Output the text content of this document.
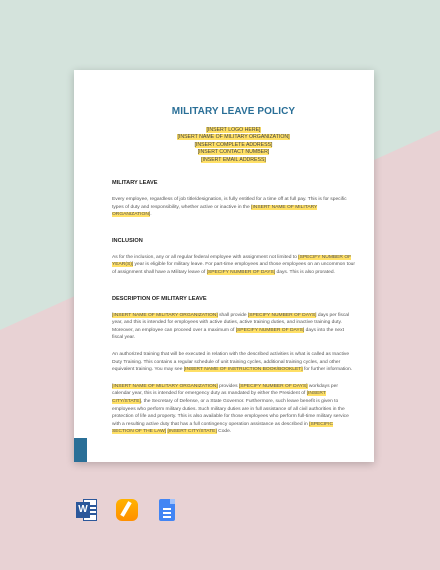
MILITARY LEAVE POLICY
[INSERT LOGO HERE]
[INSERT NAME OF MILITARY ORGANIZATION]
[INSERT COMPLETE ADDRESS]
[INSERT CONTACT NUMBER]
[INSERT EMAIL ADDRESS]
MILITARY LEAVE

Every employee, regardless of job title/designation, is fully entitled for a time off at full pay. This is for specific types of duty and responsibility, whether active or inactive in the [INSERT NAME OF MILITARY ORGANIZATION].

INCLUSION

As for the inclusion, any or all regular federal employee with assignment not limited to [SPECIFY NUMBER OF YEAR(S)] year is eligible for military leave. For part-time employees and those employees on an uncommon tour of assignment shall have a Military leave of [SPECIFY NUMBER OF DAYS] days. This is also prorated.

DESCRIPTION OF MILITARY LEAVE

[INSERT NAME OF MILITARY ORGANIZATION] shall provide [SPECIFY NUMBER OF DAYS] days per fiscal year, and this is intended for employees with active duties, active training duties, and inactive training duty. Moreover, an employee can proceed over a maximum of [SPECIFY NUMBER OF DAYS] days into the next fiscal year.

An authorized training that will be executed in relation with the described activities is what is called as Inactive Duty Training. This contains a regular schedule of unit training cycles, additional training cycles, and other equivalent training. You may see [INSERT NAME OF INSTRUCTION BOOK/BOOKLET] for further information.

[INSERT NAME OF MILITARY ORGANIZATION] provides [SPECIFY NUMBER OF DAYS] workdays per calendar year, this is intended for emergency duty as mandated by either the President of [INSERT CITY/STATE], the Secretary of Defense, or a State Governor. Furthermore, such leave benefit is given to employees who perform military duties. Such military duties are in full assistance of all civil authorities in the protection of life and property. This is also available for those employees who perform full-time military service with a resulting active duty that has a full contingency operation assistance as described in [SPECIFIC SECTION OF THE LAW] [INSERT CITY/STATE] Code.

W
